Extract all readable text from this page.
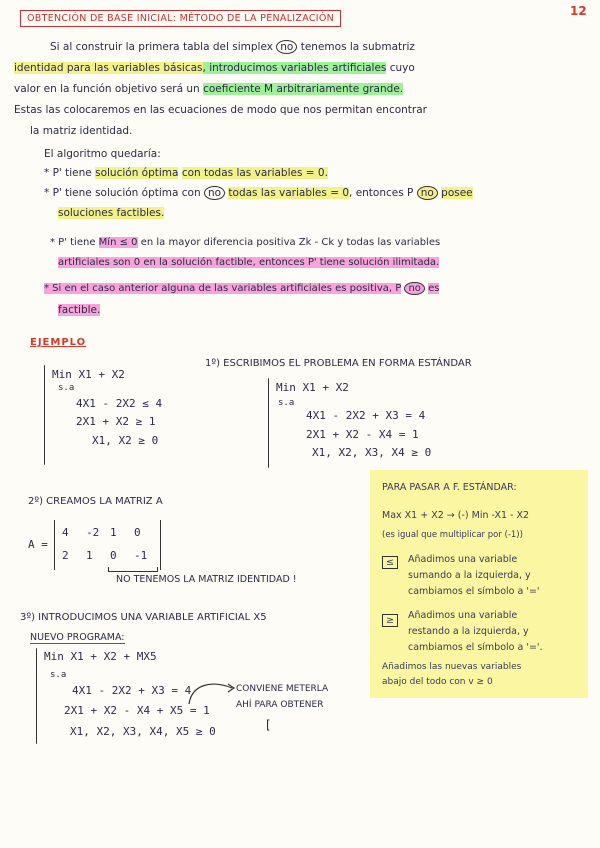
12
OBTENCIÓN DE BASE INICIAL: MÉTODO DE LA PENALIZACIÓN
Si al construir la primera tabla del simplex no tenemos la submatriz
identidad para las variables básicas, introducimos variables artificiales cuyo
valor en la función objetivo será un coeficiente M arbitrariamente grande.
Estas las colocaremos en las ecuaciones de modo que nos permitan encontrar
la matriz identidad.
El algoritmo quedaría:
* P' tiene solución óptima con todas las variables = 0.
* P' tiene solución óptima con no todas las variables = 0, entonces P no posee
soluciones factibles.
* P' tiene Mín ≤ 0 en la mayor diferencia positiva Zk - Ck y todas las variables
artificiales son 0 en la solución factible, entonces P' tiene solución ilimitada.
* Si en el caso anterior alguna de las variables artificiales es positiva, P no es
factible.
EJEMPLO
Min X1 + X2
s.a
4X1 - 2X2 ≤ 4
2X1 + X2 ≥ 1
X1, X2 ≥ 0
1º) ESCRIBIMOS EL PROBLEMA EN FORMA ESTÁNDAR
Min X1 + X2
s.a
4X1 - 2X2 + X3 = 4
2X1 + X2 - X4 = 1
X1, X2, X3, X4 ≥ 0
2º) CREAMOS LA MATRIZ A
A =
4 -2 1 0
2 1 0 -1
NO TENEMOS LA MATRIZ IDENTIDAD !
3º) INTRODUCIMOS UNA VARIABLE ARTIFICIAL X5
NUEVO PROGRAMA:
Min X1 + X2 + MX5
s.a
4X1 - 2X2 + X3 = 4
2X1 + X2 - X4 + X5 = 1
X1, X2, X3, X4, X5 ≥ 0
CONVIENE METERLA
AHÍ PARA OBTENER
[
PARA PASAR A F. ESTÁNDAR:
Max X1 + X2 → (-) Min -X1 - X2
(es igual que multiplicar por (-1))
≤	Añadimos una variable
sumando a la izquierda, y
cambiamos el símbolo a '='
≥	Añadimos una variable
restando a la izquierda, y
cambiamos el símbolo a '='.
Añadimos las nuevas variables
abajo del todo con v ≥ 0
